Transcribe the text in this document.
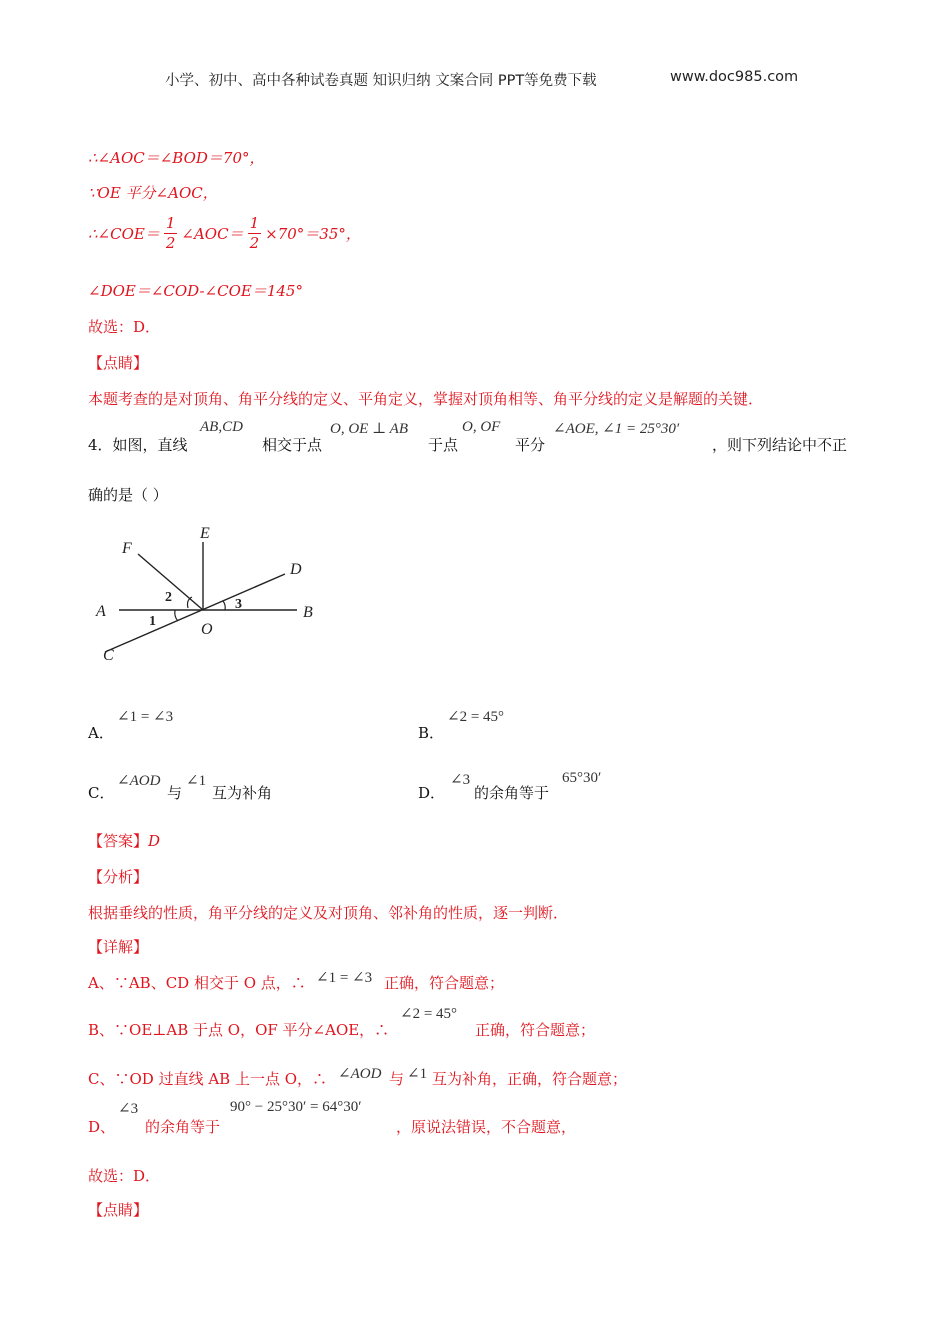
小学、初中、高中各种试卷真题 知识归纳 文案合同 PPT等免费下载	www.doc985.com
∴∠AOC＝∠BOD＝70°，
∵OE 平分∠AOC，
∴∠COE＝ $\frac{1}{2}$ ∠AOC＝ $\frac{1}{2} \times 70^\circ=35^\circ$，
∠DOE＝∠COD-∠COE＝145°
故选：D．
【点睛】
本题考查的是对顶角、角平分线的定义、平角定义，掌握对顶角相等、角平分线的定义是解题的关键．
4．如图，直线
AB,CD
相交于点
O, OE ⊥ AB
于点
O, OF
平分
∠AOE, ∠1 = 25°30′
，则下列结论中不正
确的是（ ）
F
E
D
A	B
O
C
2
1
3
A．
∠1 = ∠3
B．
∠2 = 45°
C．
∠AOD
与
∠1
互为补角	D．
∠3
的余角等于
65°30′
【答案】D
【分析】
根据垂线的性质，角平分线的定义及对顶角、邻补角的性质，逐一判断．
【详解】
A、∵AB、CD 相交于 O 点，∴ ∠1 = ∠3 正确，符合题意；
B、∵OE⊥AB 于点 O，OF 平分∠AOE，∴
∠2 = 45°
正确，符合题意；
C、∵OD 过直线 AB 上一点 O，∴ ∠AOD 与 ∠1 互为补角，正确，符合题意；
D、
∠3
的余角等于
90° − 25°30′ = 64°30′
，原说法错误，不合题意，
故选：D．
【点睛】
